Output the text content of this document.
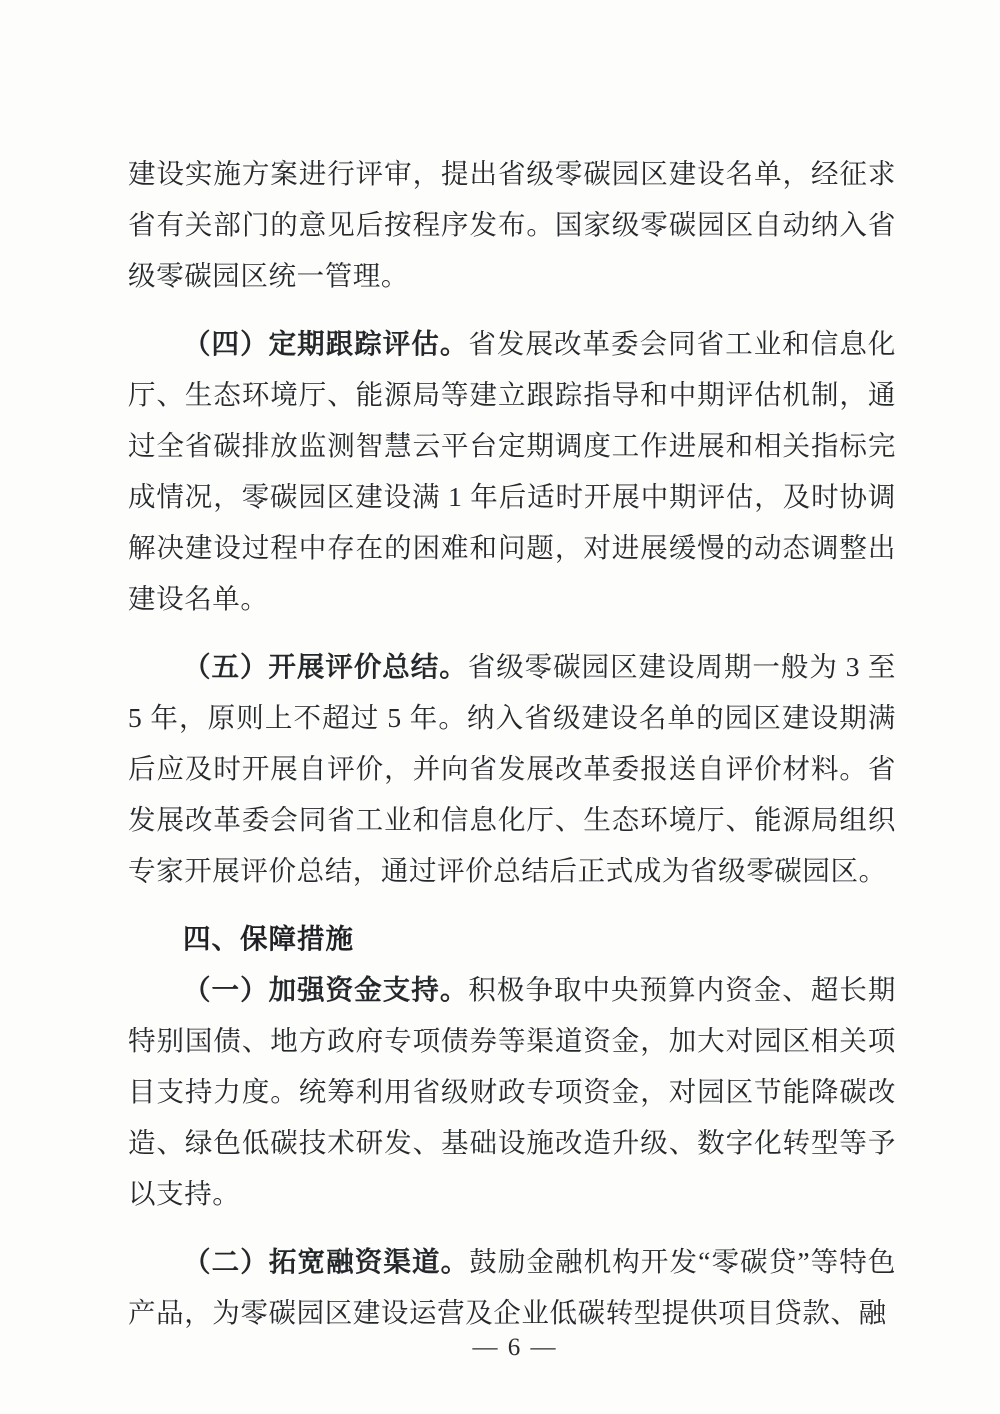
建设实施方案进行评审，提出省级零碳园区建设名单，经征求省有关部门的意见后按程序发布。国家级零碳园区自动纳入省级零碳园区统一管理。

（四）定期跟踪评估。省发展改革委会同省工业和信息化厅、生态环境厅、能源局等建立跟踪指导和中期评估机制，通过全省碳排放监测智慧云平台定期调度工作进展和相关指标完成情况，零碳园区建设满 1 年后适时开展中期评估，及时协调解决建设过程中存在的困难和问题，对进展缓慢的动态调整出建设名单。

（五）开展评价总结。省级零碳园区建设周期一般为 3 至 5 年，原则上不超过 5 年。纳入省级建设名单的园区建设期满后应及时开展自评价，并向省发展改革委报送自评价材料。省发展改革委会同省工业和信息化厅、生态环境厅、能源局组织专家开展评价总结，通过评价总结后正式成为省级零碳园区。

四、保障措施

（一）加强资金支持。积极争取中央预算内资金、超长期特别国债、地方政府专项债券等渠道资金，加大对园区相关项目支持力度。统筹利用省级财政专项资金，对园区节能降碳改造、绿色低碳技术研发、基础设施改造升级、数字化转型等予以支持。

（二）拓宽融资渠道。鼓励金融机构开发“零碳贷”等特色产品，为零碳园区建设运营及企业低碳转型提供项目贷款、融

— 6 —
